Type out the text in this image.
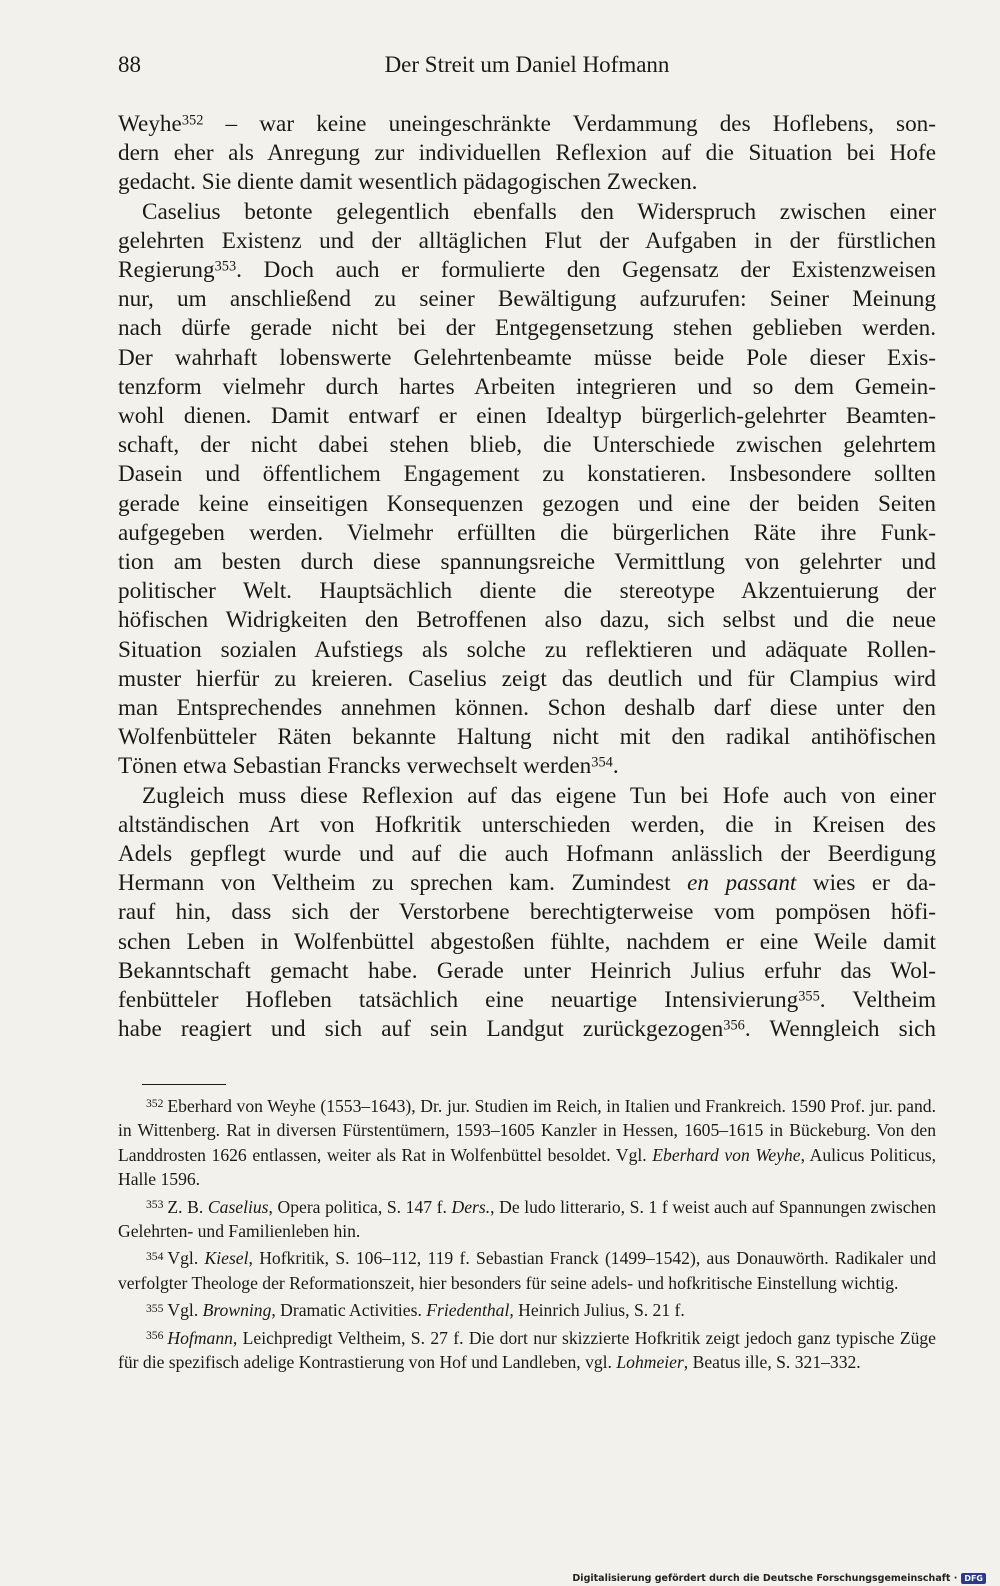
88	Der Streit um Daniel Hofmann

Weyhe$^{352}$ – war keine uneingeschränkte Verdammung des Hoflebens, son-

dern eher als Anregung zur individuellen Reflexion auf die Situation bei Hofe

gedacht. Sie diente damit wesentlich pädagogischen Zwecken.

Caselius betonte gelegentlich ebenfalls den Widerspruch zwischen einer

gelehrten Existenz und der alltäglichen Flut der Aufgaben in der fürstlichen

Regierung$^{353}$. Doch auch er formulierte den Gegensatz der Existenzweisen

nur, um anschließend zu seiner Bewältigung aufzurufen: Seiner Meinung

nach dürfe gerade nicht bei der Entgegensetzung stehen geblieben werden.

Der wahrhaft lobenswerte Gelehrtenbeamte müsse beide Pole dieser Exis-

tenzform vielmehr durch hartes Arbeiten integrieren und so dem Gemein-

wohl dienen. Damit entwarf er einen Idealtyp bürgerlich-gelehrter Beamten-

schaft, der nicht dabei stehen blieb, die Unterschiede zwischen gelehrtem

Dasein und öffentlichem Engagement zu konstatieren. Insbesondere sollten

gerade keine einseitigen Konsequenzen gezogen und eine der beiden Seiten

aufgegeben werden. Vielmehr erfüllten die bürgerlichen Räte ihre Funk-

tion am besten durch diese spannungsreiche Vermittlung von gelehrter und

politischer Welt. Hauptsächlich diente die stereotype Akzentuierung der

höfischen Widrigkeiten den Betroffenen also dazu, sich selbst und die neue

Situation sozialen Aufstiegs als solche zu reflektieren und adäquate Rollen-

muster hierfür zu kreieren. Caselius zeigt das deutlich und für Clampius wird

man Entsprechendes annehmen können. Schon deshalb darf diese unter den

Wolfenbütteler Räten bekannte Haltung nicht mit den radikal antihöfischen

Tönen etwa Sebastian Francks verwechselt werden$^{354}$.

Zugleich muss diese Reflexion auf das eigene Tun bei Hofe auch von einer

altständischen Art von Hofkritik unterschieden werden, die in Kreisen des

Adels gepflegt wurde und auf die auch Hofmann anlässlich der Beerdigung

Hermann von Veltheim zu sprechen kam. Zumindest en passant wies er da-

rauf hin, dass sich der Verstorbene berechtigterweise vom pompösen höfi-

schen Leben in Wolfenbüttel abgestoßen fühlte, nachdem er eine Weile damit

Bekanntschaft gemacht habe. Gerade unter Heinrich Julius erfuhr das Wol-

fenbütteler Hofleben tatsächlich eine neuartige Intensivierung$^{355}$. Veltheim

habe reagiert und sich auf sein Landgut zurückgezogen$^{356}$. Wenngleich sich

$^{352}$ Eberhard von Weyhe (1553–1643), Dr. jur. Studien im Reich, in Italien und Frankreich. 1590 Prof. jur. pand. in Wittenberg. Rat in diversen Fürstentümern, 1593–1605 Kanzler in Hessen, 1605–1615 in Bückeburg. Von den Landdrosten 1626 entlassen, weiter als Rat in Wolfenbüttel besoldet. Vgl. Eberhard von Weyhe, Aulicus Politicus, Halle 1596.

$^{353}$ Z. B. Caselius, Opera politica, S. 147 f. Ders., De ludo litterario, S. 1 f weist auch auf Spannungen zwischen Gelehrten- und Familienleben hin.

$^{354}$ Vgl. Kiesel, Hofkritik, S. 106–112, 119 f. Sebastian Franck (1499–1542), aus Donauwörth. Radikaler und verfolgter Theologe der Reformationszeit, hier besonders für seine adels- und hofkritische Einstellung wichtig.

$^{355}$ Vgl. Browning, Dramatic Activities. Friedenthal, Heinrich Julius, S. 21 f.

$^{356}$ Hofmann, Leichpredigt Veltheim, S. 27 f. Die dort nur skizzierte Hofkritik zeigt jedoch ganz typische Züge für die spezifisch adelige Kontrastierung von Hof und Landleben, vgl. Lohmeier, Beatus ille, S. 321–332.

Digitalisierung gefördert durch die Deutsche Forschungsgemeinschaft · DFG
